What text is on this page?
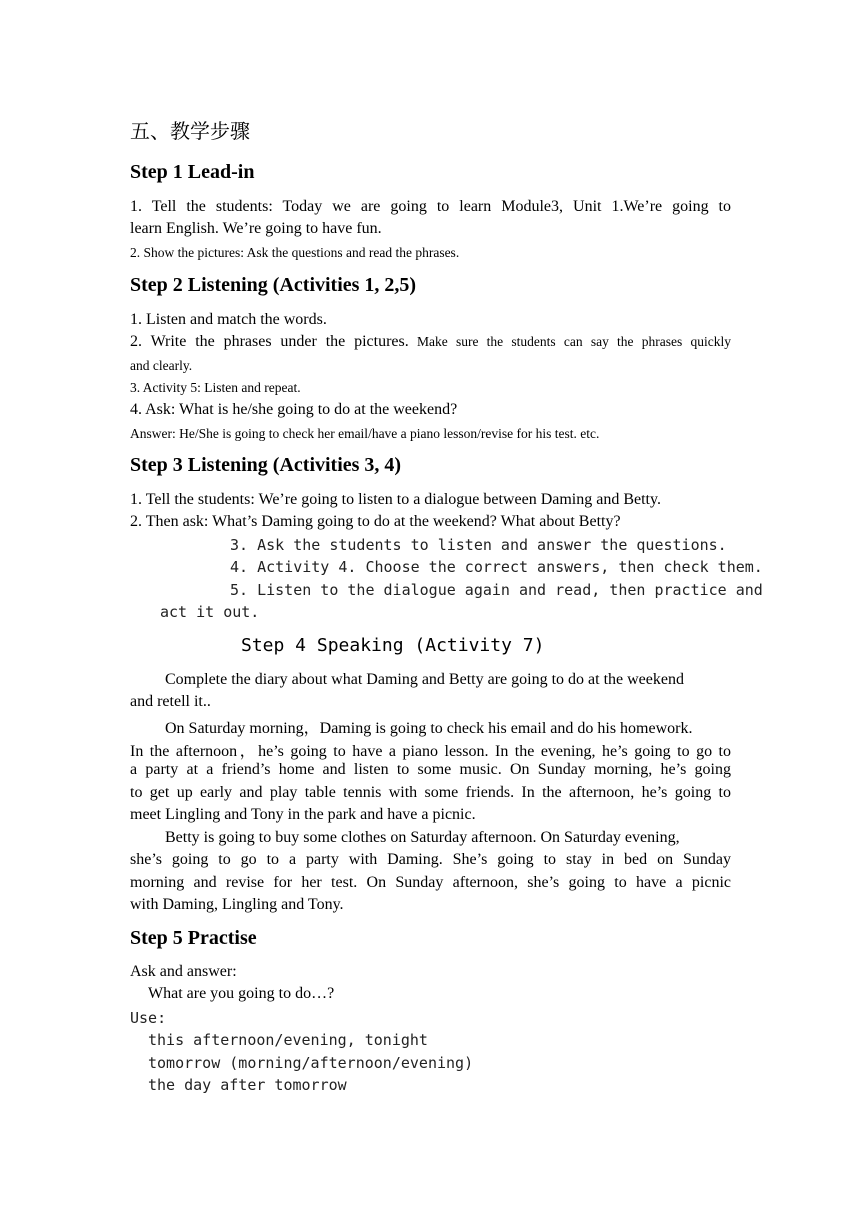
五、教学步骤

Step 1 Lead-in

1. Tell the students: Today we are going to learn Module3, Unit 1.We’re going to

learn English. We’re going to have fun.

2. Show the pictures: Ask the questions and read the phrases.

Step 2 Listening (Activities 1, 2,5)

1. Listen and match the words.

2. Write the phrases under the pictures. Make sure the students can say the phrases quickly

and clearly.

3. Activity 5: Listen and repeat.

4. Ask: What is he/she going to do at the weekend?

Answer: He/She is going to check her email/have a piano lesson/revise for his test. etc.

Step 3 Listening (Activities 3, 4)

1. Tell the students: We’re going to listen to a dialogue between Daming and Betty.

2. Then ask: What’s Daming going to do at the weekend? What about Betty?

3. Ask the students to listen and answer the questions.

4. Activity 4. Choose the correct answers, then check them.

5. Listen to the dialogue again and read, then practice and

act it out.

Step 4 Speaking (Activity 7)

Complete the diary about what Daming and Betty are going to do at the weekend

and retell it..

On Saturday morning，Daming is going to check his email and do his homework.

In the afternoon，he’s going to have a piano lesson. In the evening, he’s going to go to

a party at a friend’s home and listen to some music. On Sunday morning, he’s going

to get up early and play table tennis with some friends. In the afternoon, he’s going to

meet Lingling and Tony in the park and have a picnic.

Betty is going to buy some clothes on Saturday afternoon. On Saturday evening,

she’s going to go to a party with Daming. She’s going to stay in bed on Sunday

morning and revise for her test. On Sunday afternoon, she’s going to have a picnic

with Daming, Lingling and Tony.

Step 5 Practise

Ask and answer:

What are you going to do…?

Use:

this afternoon/evening, tonight

tomorrow (morning/afternoon/evening)

the day after tomorrow
